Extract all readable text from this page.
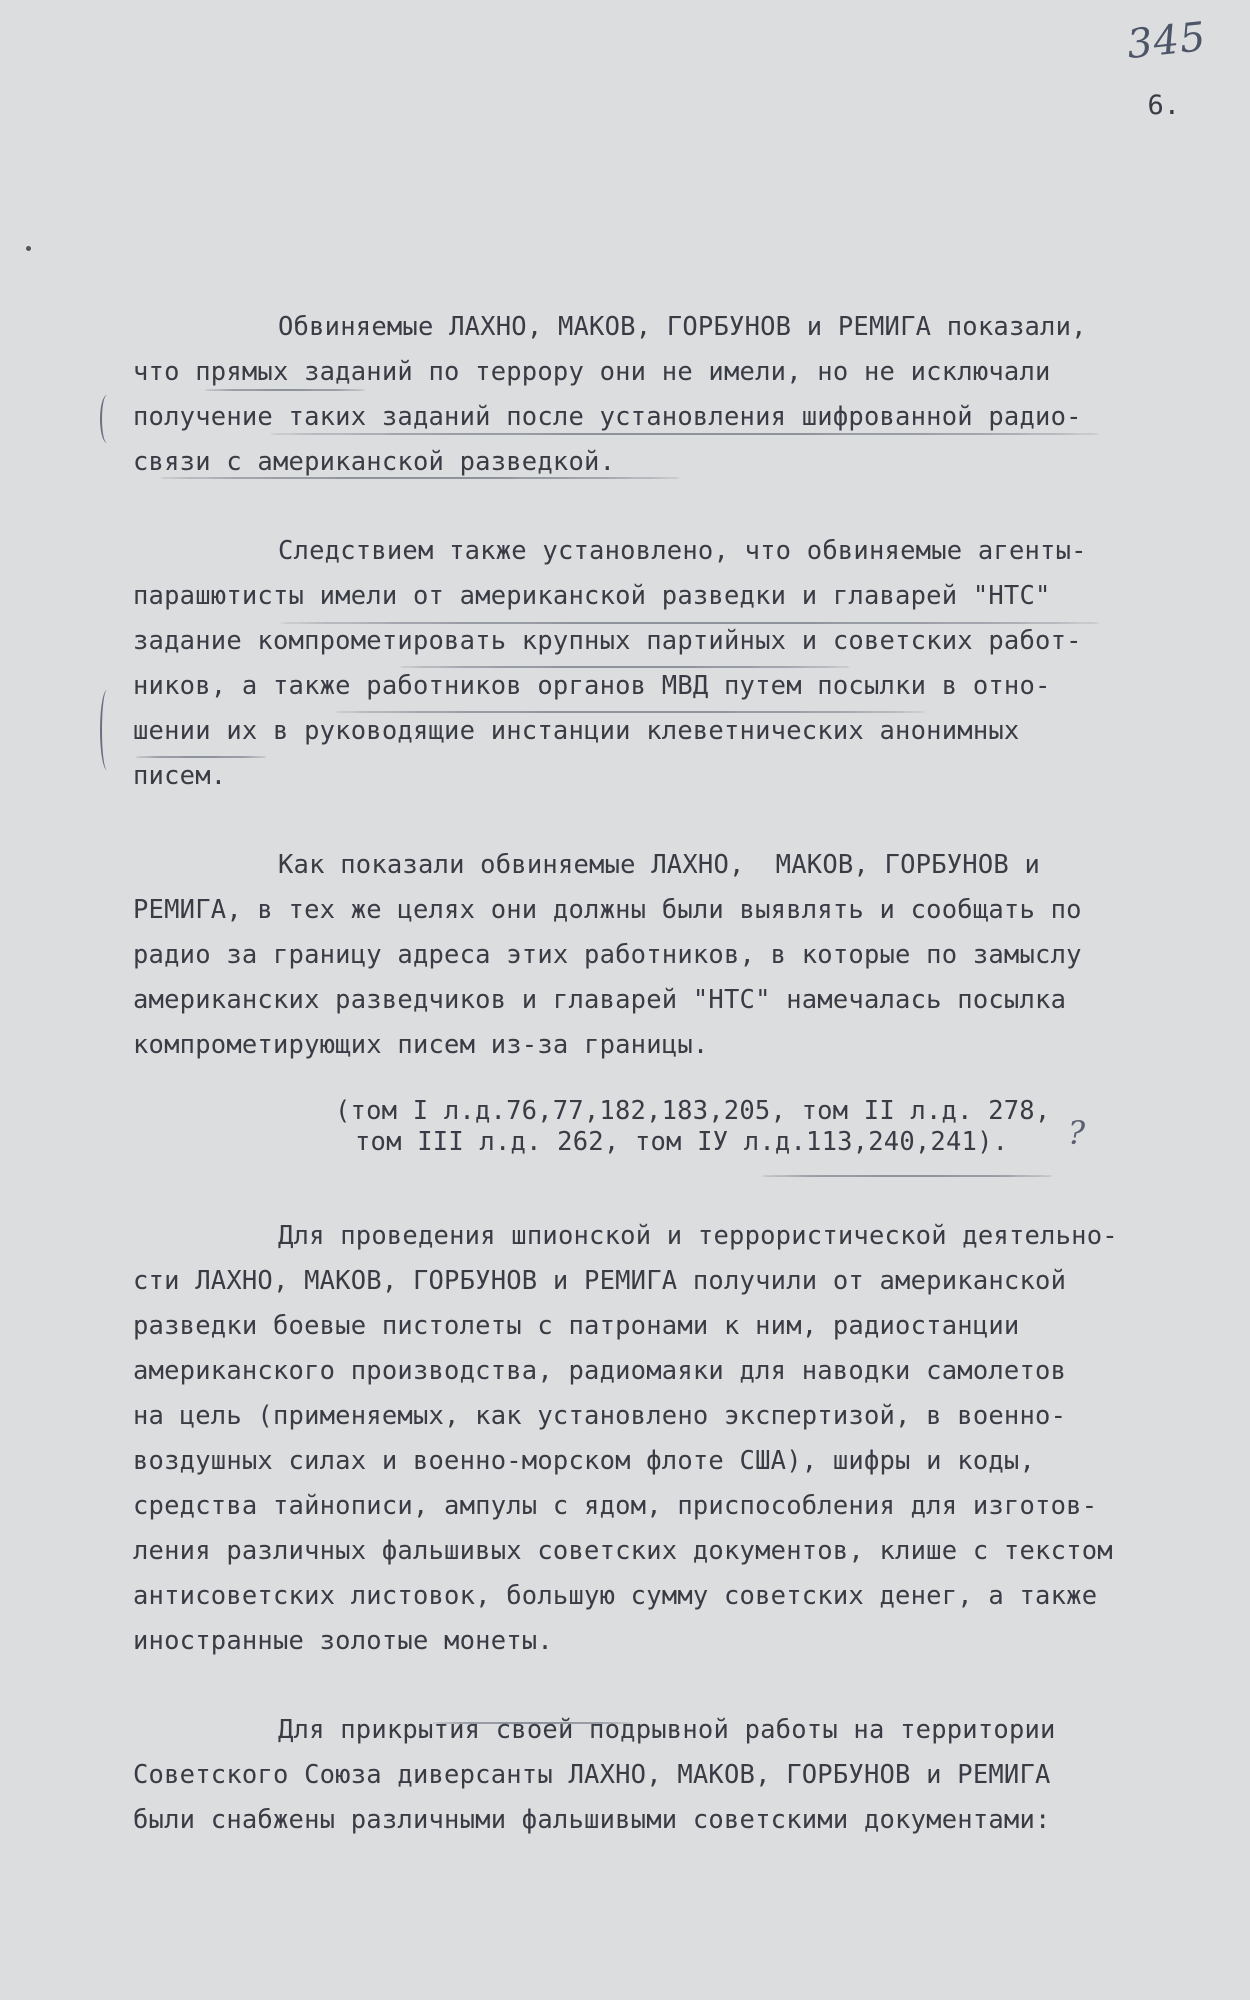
345
6.
?
Обвиняемые ЛАХНО, МАКОВ, ГОРБУНОВ и РЕМИГА показали,
что прямых заданий по террору они не имели, но не исключали
получение таких заданий после установления шифрованной радио-
связи с американской разведкой.
Следствием также установлено, что обвиняемые агенты-
парашютисты имели от американской разведки и главарей "НТС"
задание компрометировать крупных партийных и советских работ-
ников, а также работников органов МВД путем посылки в отно-
шении их в руководящие инстанции клеветнических анонимных
писем.
Как показали обвиняемые ЛАХНО,  МАКОВ, ГОРБУНОВ и
РЕМИГА, в тех же целях они должны были выявлять и сообщать по
радио за границу адреса этих работников, в которые по замыслу
американских разведчиков и главарей "НТС" намечалась посылка
компрометирующих писем из-за границы.
(том I л.д.76,77,182,183,205, том II л.д. 278,
том III л.д. 262, том IУ л.д.113,240,241).
Для проведения шпионской и террористической деятельно-
сти ЛАХНО, МАКОВ, ГОРБУНОВ и РЕМИГА получили от американской
разведки боевые пистолеты с патронами к ним, радиостанции
американского производства, радиомаяки для наводки самолетов
на цель (применяемых, как установлено экспертизой, в военно-
воздушных силах и военно-морском флоте США), шифры и коды,
средства тайнописи, ампулы с ядом, приспособления для изготов-
ления различных фальшивых советских документов, клише с текстом
антисоветских листовок, большую сумму советских денег, а также
иностранные золотые монеты.
Для прикрытия своей подрывной работы на территории
Советского Союза диверсанты ЛАХНО, МАКОВ, ГОРБУНОВ и РЕМИГА
были снабжены различными фальшивыми советскими документами:
